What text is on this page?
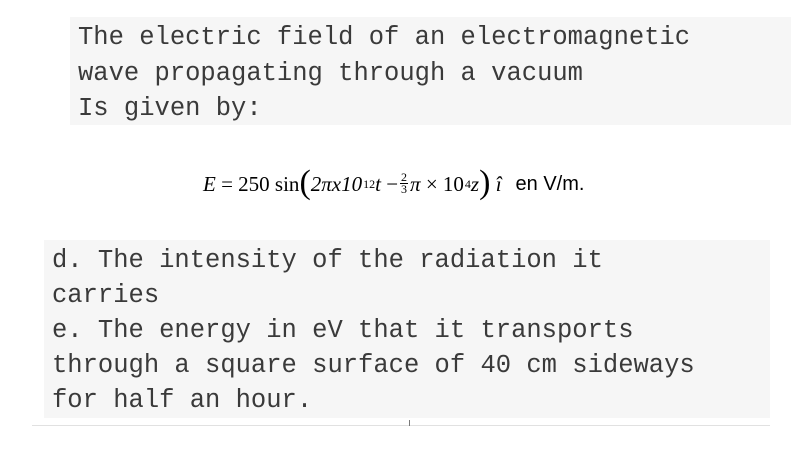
The electric field of an electromagnetic
wave propagating through a vacuum
Is given by:
E
=
250
sin ( 2πx10 12 t
− $\frac{2}{3}$ π
×
10 4 z )
î en V/m.
d. The intensity of the radiation it
carries
e. The energy in eV that it transports
through a square surface of 40 cm sideways
for half an hour.
